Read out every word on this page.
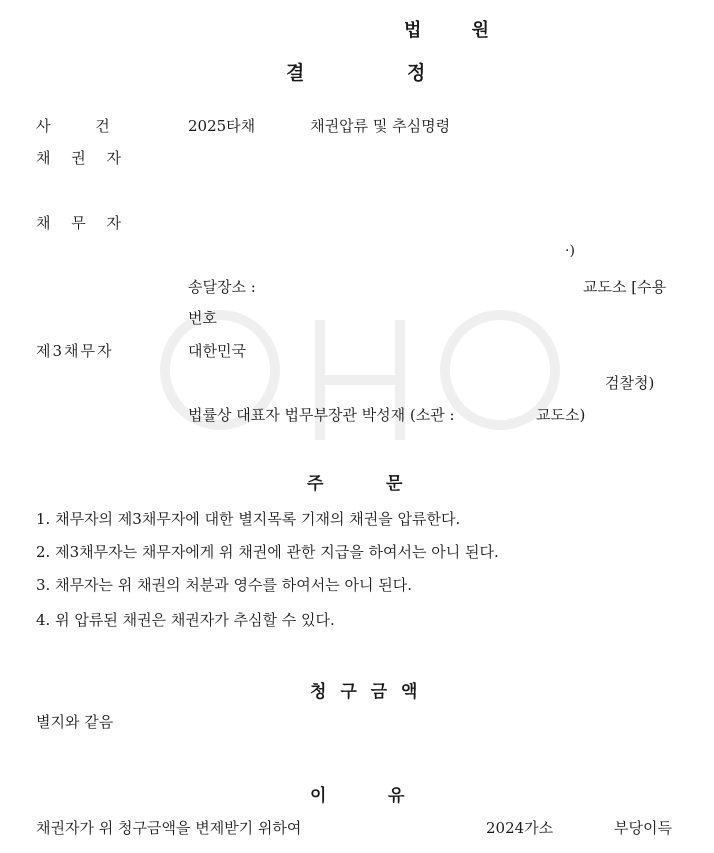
법 원
결	정
사 건	2025타채	채권압류 및 추심명령
채 권 자
채 무 자
·)
송달장소 :	교도소 [수용
번호
제3채무자	대한민국
검찰청)
법률상 대표자 법무부장관 박성재 (소관 :	교도소)
주	문
1. 채무자의 제3채무자에 대한 별지목록 기재의 채권을 압류한다.
2. 제3채무자는 채무자에게 위 채권에 관한 지급을 하여서는 아니 된다.
3. 채무자는 위 채권의 처분과 영수를 하여서는 아니 된다.
4. 위 압류된 채권은 채권자가 추심할 수 있다.
청 구 금 액
별지와 같음
이	유
채권자가 위 청구금액을 변제받기 위하여	2024가소	부당이득
